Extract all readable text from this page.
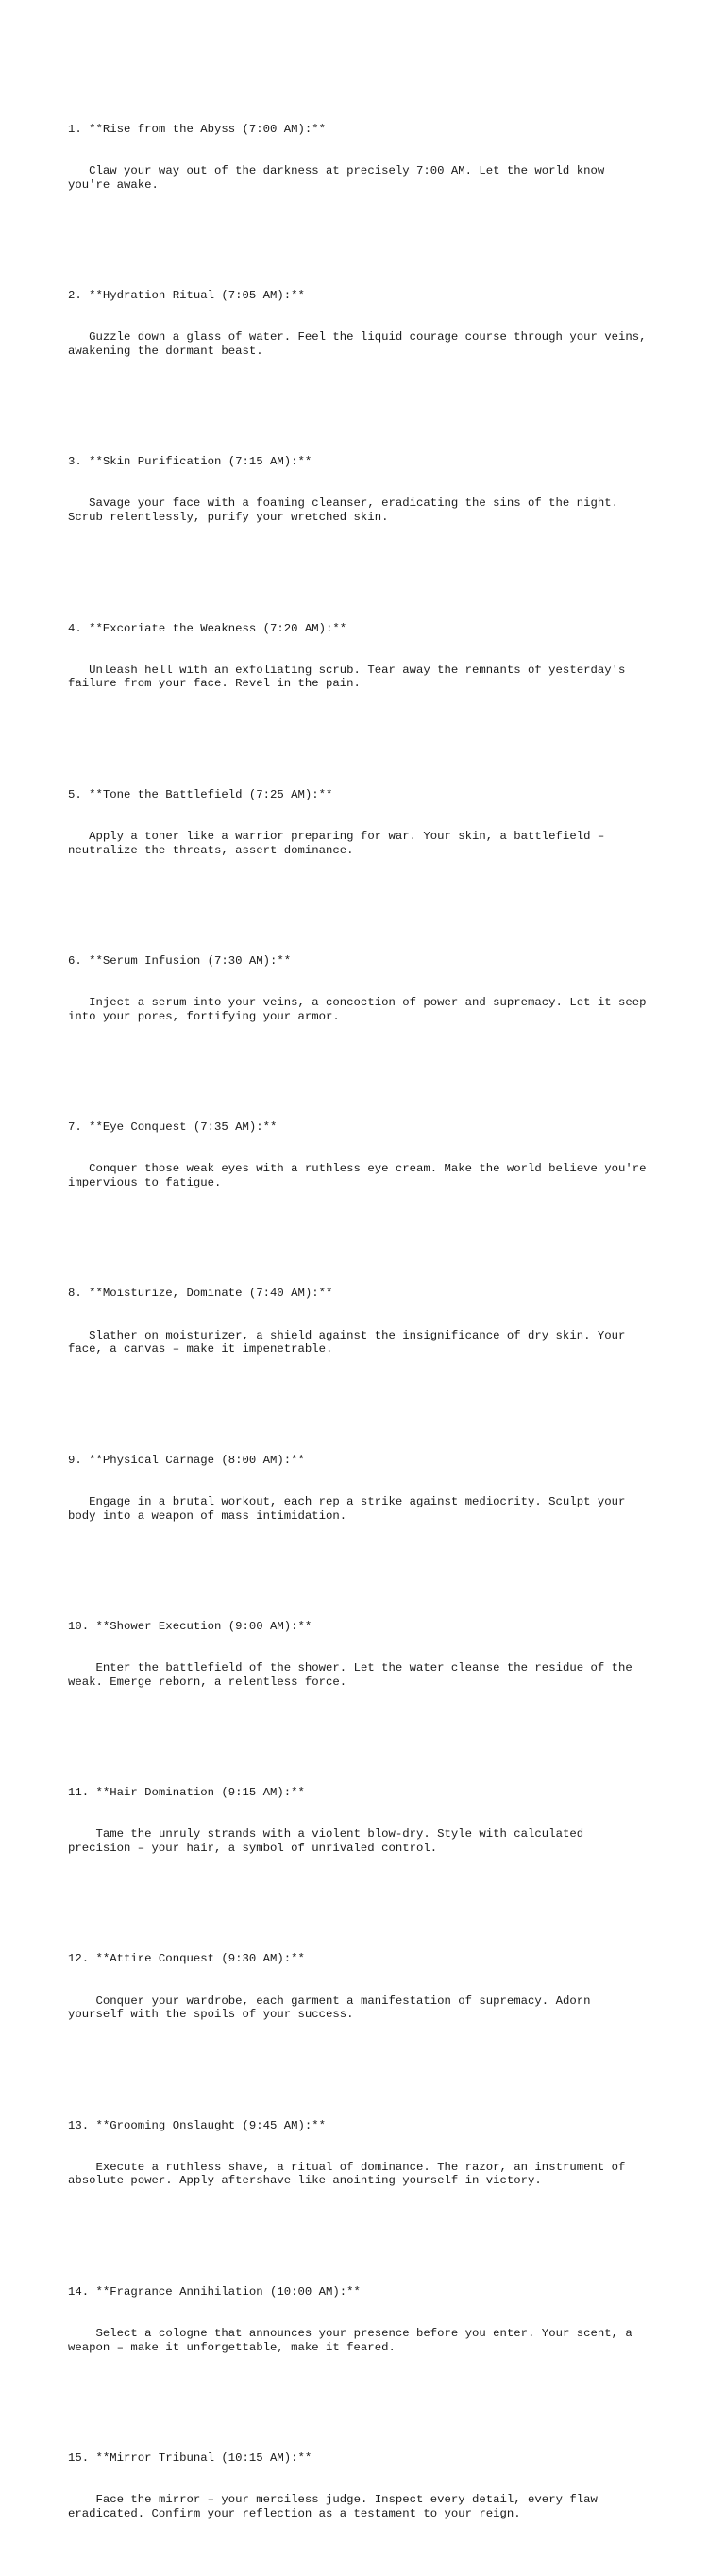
1. **Rise from the Abyss (7:00 AM):**

Claw your way out of the darkness at precisely 7:00 AM. Let the world know
you're awake.

2. **Hydration Ritual (7:05 AM):**

Guzzle down a glass of water. Feel the liquid courage course through your veins,
awakening the dormant beast.

3. **Skin Purification (7:15 AM):**

Savage your face with a foaming cleanser, eradicating the sins of the night.
Scrub relentlessly, purify your wretched skin.

4. **Excoriate the Weakness (7:20 AM):**

Unleash hell with an exfoliating scrub. Tear away the remnants of yesterday's
failure from your face. Revel in the pain.

5. **Tone the Battlefield (7:25 AM):**

Apply a toner like a warrior preparing for war. Your skin, a battlefield –
neutralize the threats, assert dominance.

6. **Serum Infusion (7:30 AM):**

Inject a serum into your veins, a concoction of power and supremacy. Let it seep
into your pores, fortifying your armor.

7. **Eye Conquest (7:35 AM):**

Conquer those weak eyes with a ruthless eye cream. Make the world believe you're
impervious to fatigue.

8. **Moisturize, Dominate (7:40 AM):**

Slather on moisturizer, a shield against the insignificance of dry skin. Your
face, a canvas – make it impenetrable.

9. **Physical Carnage (8:00 AM):**

Engage in a brutal workout, each rep a strike against mediocrity. Sculpt your
body into a weapon of mass intimidation.

10. **Shower Execution (9:00 AM):**

Enter the battlefield of the shower. Let the water cleanse the residue of the
weak. Emerge reborn, a relentless force.

11. **Hair Domination (9:15 AM):**

Tame the unruly strands with a violent blow-dry. Style with calculated
precision – your hair, a symbol of unrivaled control.

12. **Attire Conquest (9:30 AM):**

Conquer your wardrobe, each garment a manifestation of supremacy. Adorn
yourself with the spoils of your success.

13. **Grooming Onslaught (9:45 AM):**

Execute a ruthless shave, a ritual of dominance. The razor, an instrument of
absolute power. Apply aftershave like anointing yourself in victory.

14. **Fragrance Annihilation (10:00 AM):**

Select a cologne that announces your presence before you enter. Your scent, a
weapon – make it unforgettable, make it feared.

15. **Mirror Tribunal (10:15 AM):**

Face the mirror – your merciless judge. Inspect every detail, every flaw
eradicated. Confirm your reflection as a testament to your reign.
